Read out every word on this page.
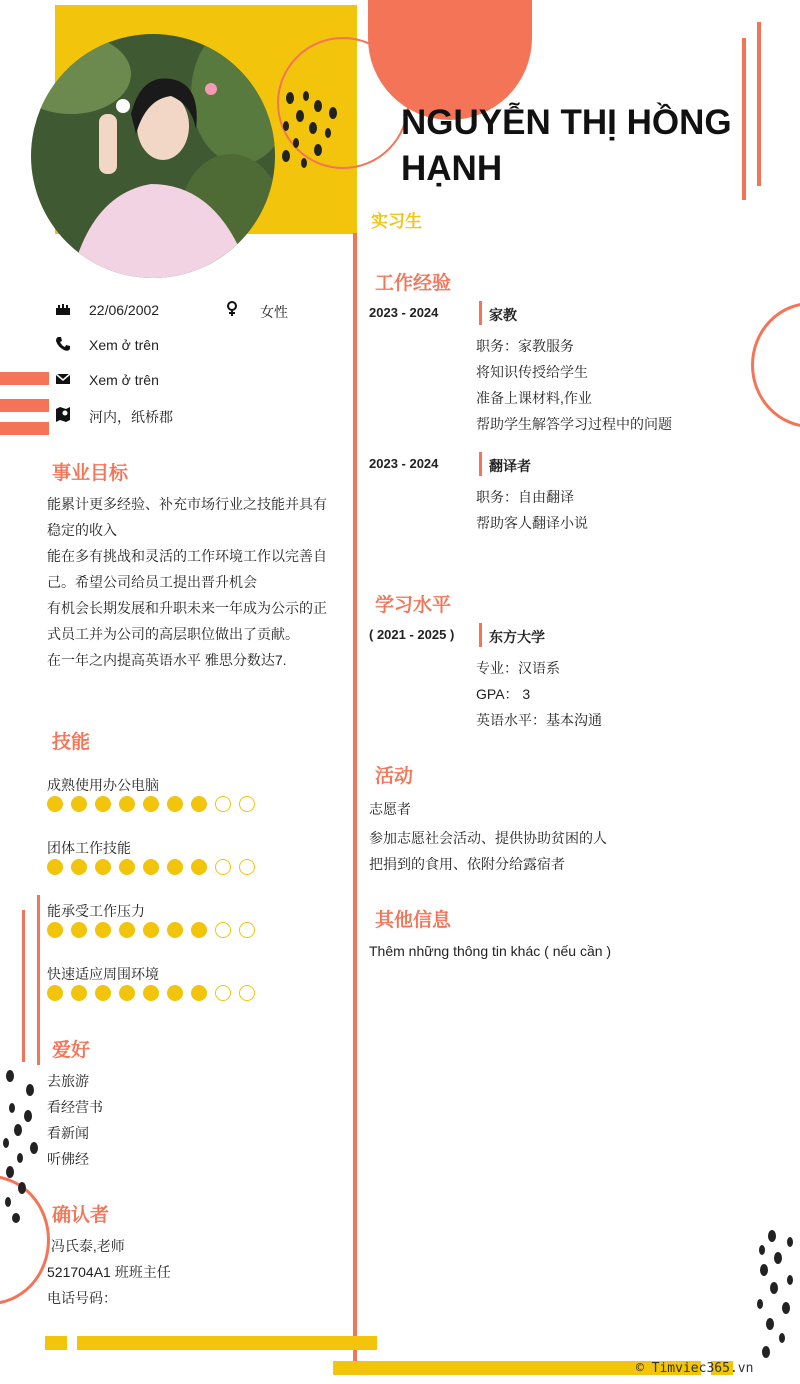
© Timviec365.vn
NGUYỄN THỊ HỒNG
HẠNH
实习生
22/06/2002	女性
Xem ở trên
Xem ở trên
河内，纸桥郡
事业目标
能累计更多经验、补充市场行业之技能并具有
稳定的收入
能在多有挑战和灵活的工作环境工作以完善自
己。希望公司给员工提出晋升机会
有机会长期发展和升职未来一年成为公示的正
式员工并为公司的高层职位做出了贡献。
在一年之内提高英语水平 雅思分数达7.
技能
成熟使用办公电脑
团体工作技能
能承受工作压力
快速适应周围环境
爱好
去旅游
看经营书
看新闻
听佛经
确认者
冯氏泰,老师
521704A1 班班主任
电话号码：
工作经验
2023 - 2024	家教
职务：家教服务
将知识传授给学生
准备上课材料,作业
帮助学生解答学习过程中的问题
2023 - 2024	翻译者
职务：自由翻译
帮助客人翻译小说
学习水平
( 2021 - 2025 ) 东方大学
专业：汉语系
GPA： 3
英语水平：基本沟通
活动
志愿者
参加志愿社会活动、提供协助贫困的人
把捐到的食用、依附分给露宿者
其他信息
Thêm những thông tin khác ( nếu cần )
